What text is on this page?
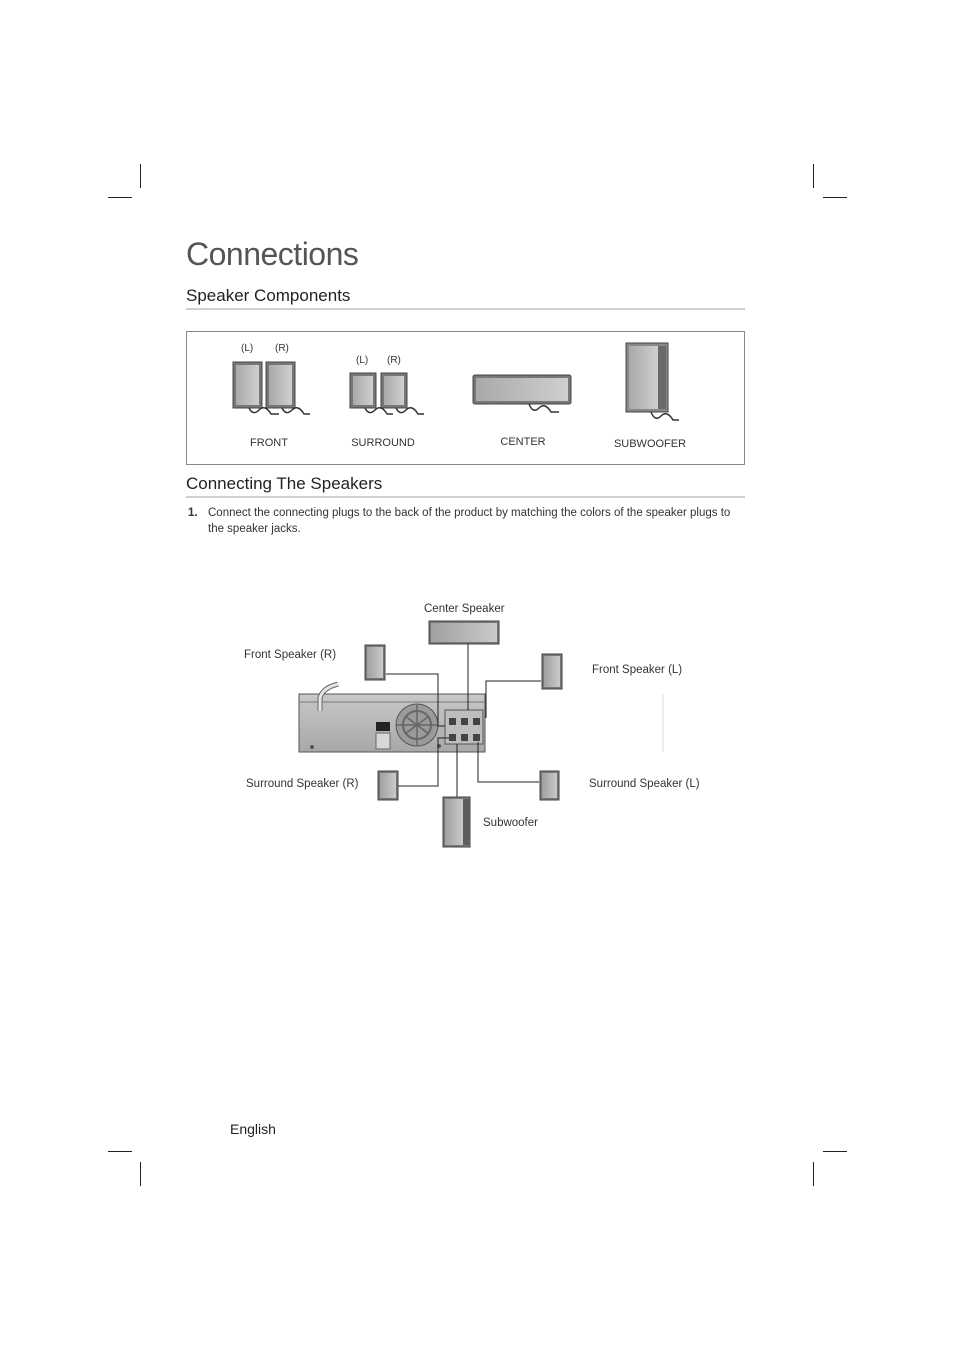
Connections
Speaker Components
(L) (R)
(L) (R)
FRONT	SURROUND	CENTER	SUBWOOFER
Connecting The Speakers
1. Connect the connecting plugs to the back of the product by matching the colors of the speaker plugs to the speaker jacks.
Center Speaker
Front Speaker (R)
Front Speaker (L)
Surround Speaker (R)	Surround Speaker (L)
Subwoofer
English
